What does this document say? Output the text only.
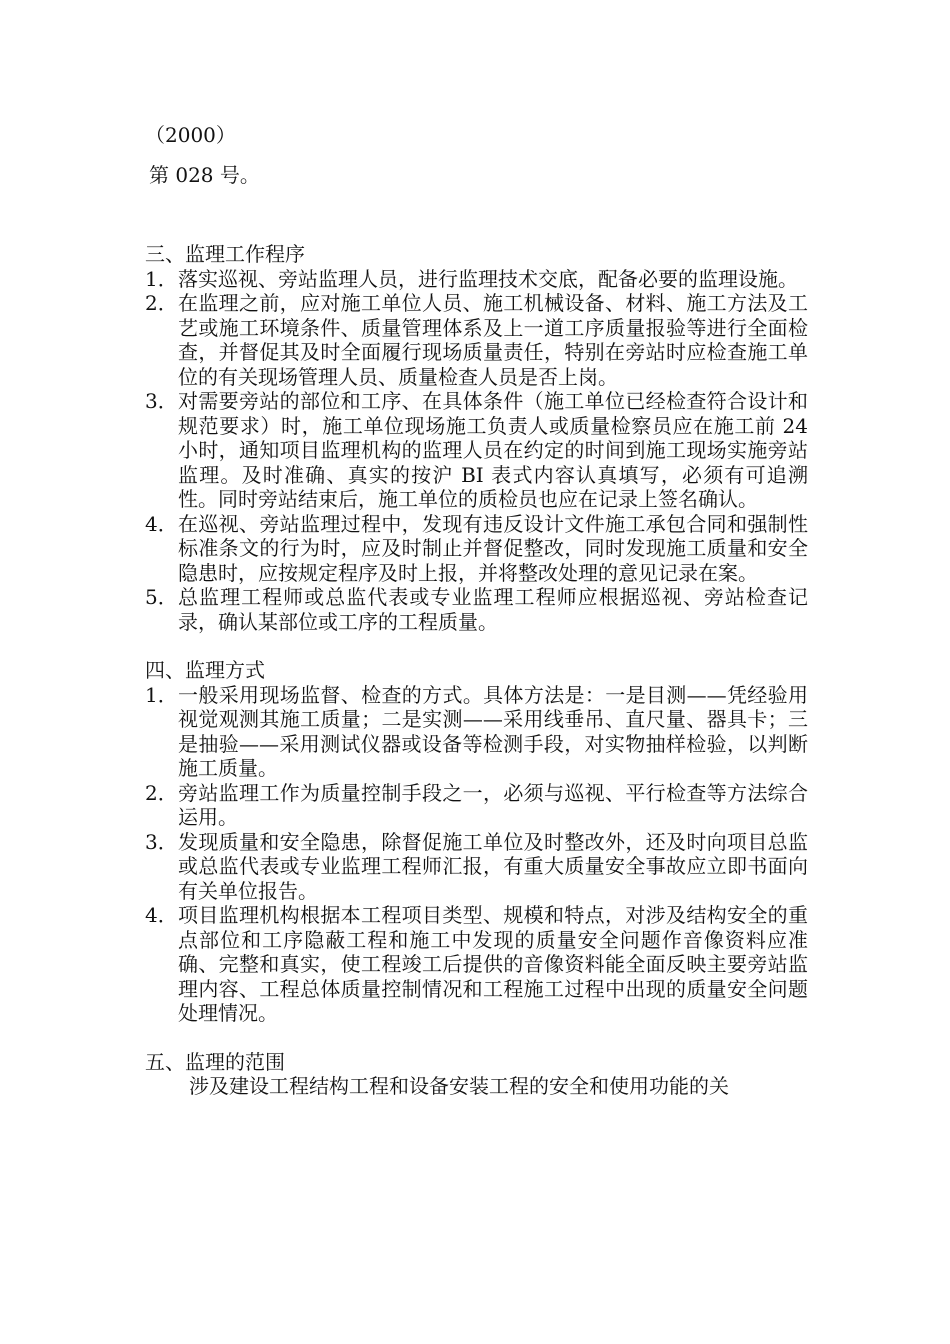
（2000）
第 028 号。
三、监理工作程序
1． 落实巡视、旁站监理人员，进行监理技术交底，配备必要的监理设施。
2． 在监理之前，应对施工单位人员、施工机械设备、材料、施工方法及工艺或施工环境条件、质量管理体系及上一道工序质量报验等进行全面检查，并督促其及时全面履行现场质量责任，特别在旁站时应检查施工单位的有关现场管理人员、质量检查人员是否上岗。
3． 对需要旁站的部位和工序、在具体条件（施工单位已经检查符合设计和规范要求）时，施工单位现场施工负责人或质量检察员应在施工前 24 小时，通知项目监理机构的监理人员在约定的时间到施工现场实施旁站监理。及时准确、真实的按沪 BI 表式内容认真填写，必须有可追溯性。同时旁站结束后，施工单位的质检员也应在记录上签名确认。
4． 在巡视、旁站监理过程中，发现有违反设计文件施工承包合同和强制性标准条文的行为时，应及时制止并督促整改，同时发现施工质量和安全隐患时，应按规定程序及时上报，并将整改处理的意见记录在案。
5． 总监理工程师或总监代表或专业监理工程师应根据巡视、旁站检查记录，确认某部位或工序的工程质量。
四、监理方式
1． 一般采用现场监督、检查的方式。具体方法是：一是目测——凭经验用视觉观测其施工质量；二是实测——采用线垂吊、直尺量、器具卡；三是抽验——采用测试仪器或设备等检测手段，对实物抽样检验，以判断施工质量。
2． 旁站监理工作为质量控制手段之一，必须与巡视、平行检查等方法综合运用。
3． 发现质量和安全隐患，除督促施工单位及时整改外，还及时向项目总监或总监代表或专业监理工程师汇报，有重大质量安全事故应立即书面向有关单位报告。
4． 项目监理机构根据本工程项目类型、规模和特点，对涉及结构安全的重点部位和工序隐蔽工程和施工中发现的质量安全问题作音像资料应准确、完整和真实，使工程竣工后提供的音像资料能全面反映主要旁站监理内容、工程总体质量控制情况和工程施工过程中出现的质量安全问题处理情况。
五、监理的范围
涉及建设工程结构工程和设备安装工程的安全和使用功能的关
